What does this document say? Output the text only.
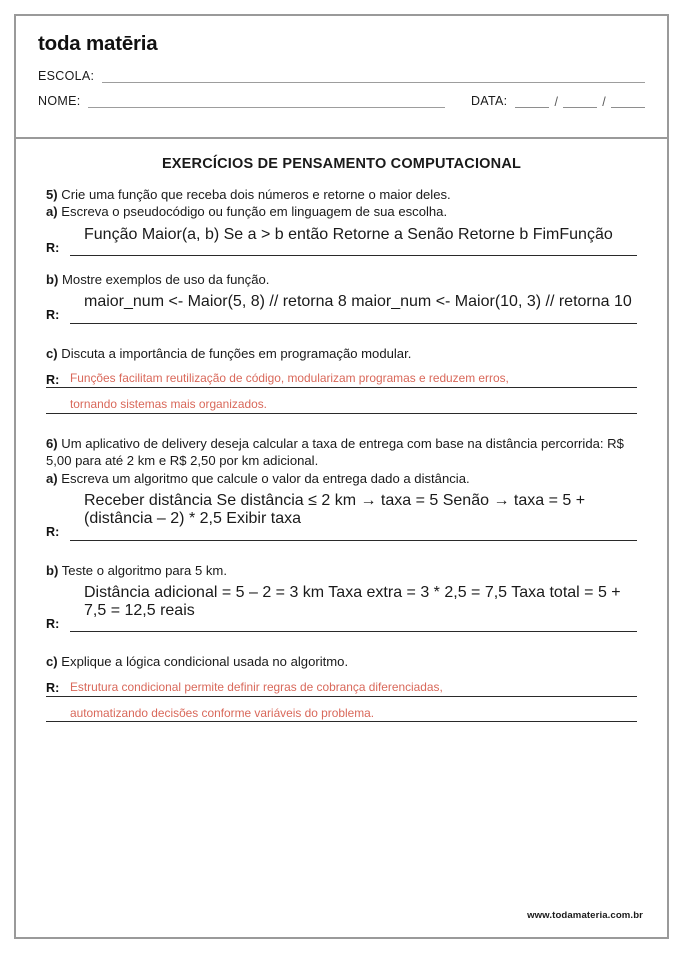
toda matēria
ESCOLA:
NOME:	DATA:	/	/
EXERCÍCIOS DE PENSAMENTO COMPUTACIONAL

5) Crie uma função que receba dois números e retorne o maior deles.

a) Escreva o pseudocódigo ou função em linguagem de sua escolha.

Função Maior(a, b) Se a > b então Retorne a Senão Retorne b FimFunção
R:

b) Mostre exemplos de uso da função.

maior_num <- Maior(5, 8) // retorna 8 maior_num <- Maior(10, 3) // retorna 10
R:

c) Discuta a importância de funções em programação modular.

R: Funções facilitam reutilização de código, modularizam programas e reduzem erros,
tornando sistemas mais organizados.

6) Um aplicativo de delivery deseja calcular a taxa de entrega com base na distância percorrida: R$ 5,00 para até 2 km e R$ 2,50 por km adicional.

a) Escreva um algoritmo que calcule o valor da entrega dado a distância.

Receber distância Se distância ≤ 2 km → taxa = 5 Senão → taxa = 5 + (distância – 2) * 2,5 Exibir taxa
R:

b) Teste o algoritmo para 5 km.

Distância adicional = 5 – 2 = 3 km Taxa extra = 3 * 2,5 = 7,5 Taxa total = 5 + 7,5 = 12,5 reais
R:

c) Explique a lógica condicional usada no algoritmo.

R: Estrutura condicional permite definir regras de cobrança diferenciadas,
automatizando decisões conforme variáveis do problema.
www.todamateria.com.br
